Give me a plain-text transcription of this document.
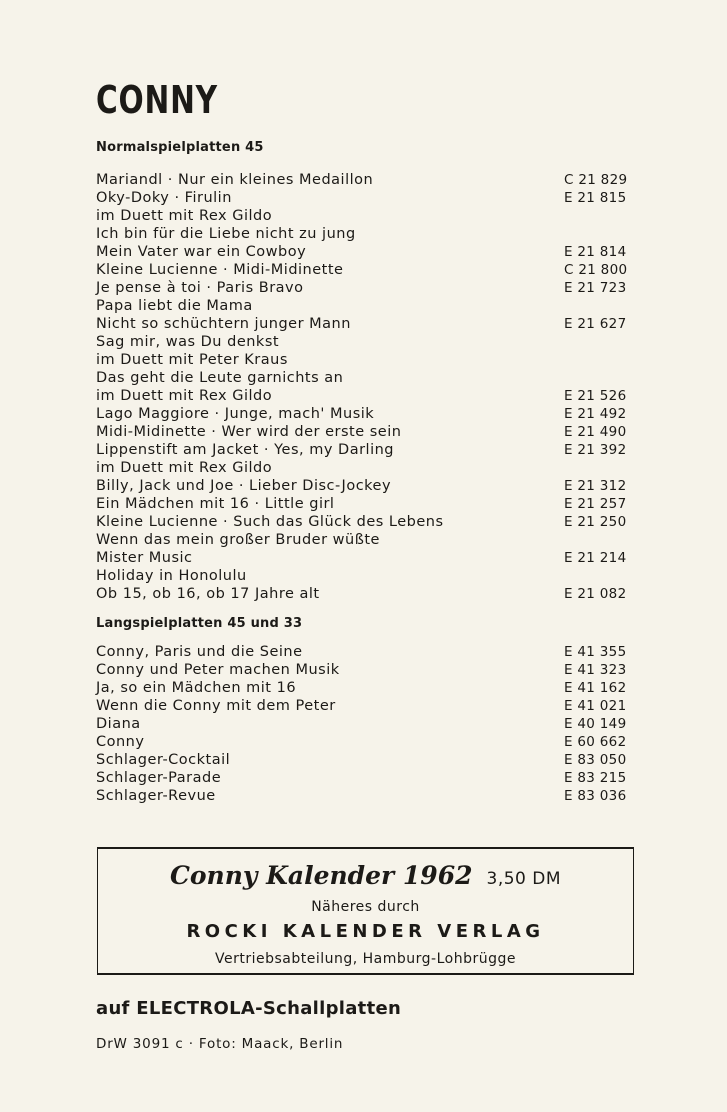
CONNY
Normalspielplatten 45
Mariandl · Nur ein kleines Medaillon	C 21 829
Oky-Doky · Firulin	E 21 815
im Duett mit Rex Gildo
Ich bin für die Liebe nicht zu jung
Mein Vater war ein Cowboy	E 21 814
Kleine Lucienne · Midi-Midinette	C 21 800
Je pense à toi · Paris Bravo	E 21 723
Papa liebt die Mama
Nicht so schüchtern junger Mann	E 21 627
Sag mir, was Du denkst
im Duett mit Peter Kraus
Das geht die Leute garnichts an
im Duett mit Rex Gildo	E 21 526
Lago Maggiore · Junge, mach' Musik	E 21 492
Midi-Midinette · Wer wird der erste sein	E 21 490
Lippenstift am Jacket · Yes, my Darling	E 21 392
im Duett mit Rex Gildo
Billy, Jack und Joe · Lieber Disc-Jockey	E 21 312
Ein Mädchen mit 16 · Little girl	E 21 257
Kleine Lucienne · Such das Glück des Lebens	E 21 250
Wenn das mein großer Bruder wüßte
Mister Music	E 21 214
Holiday in Honolulu
Ob 15, ob 16, ob 17 Jahre alt	E 21 082
Langspielplatten 45 und 33
Conny, Paris und die Seine	E 41 355
Conny und Peter machen Musik	E 41 323
Ja, so ein Mädchen mit 16	E 41 162
Wenn die Conny mit dem Peter	E 41 021
Diana	E 40 149
Conny	E 60 662
Schlager-Cocktail	E 83 050
Schlager-Parade	E 83 215
Schlager-Revue	E 83 036
Conny Kalender 1962 3,50 DM
Näheres durch
ROCKI KALENDER VERLAG
Vertriebsabteilung, Hamburg-Lohbrügge
auf ELECTROLA-Schallplatten
DrW 3091 c · Foto: Maack, Berlin
